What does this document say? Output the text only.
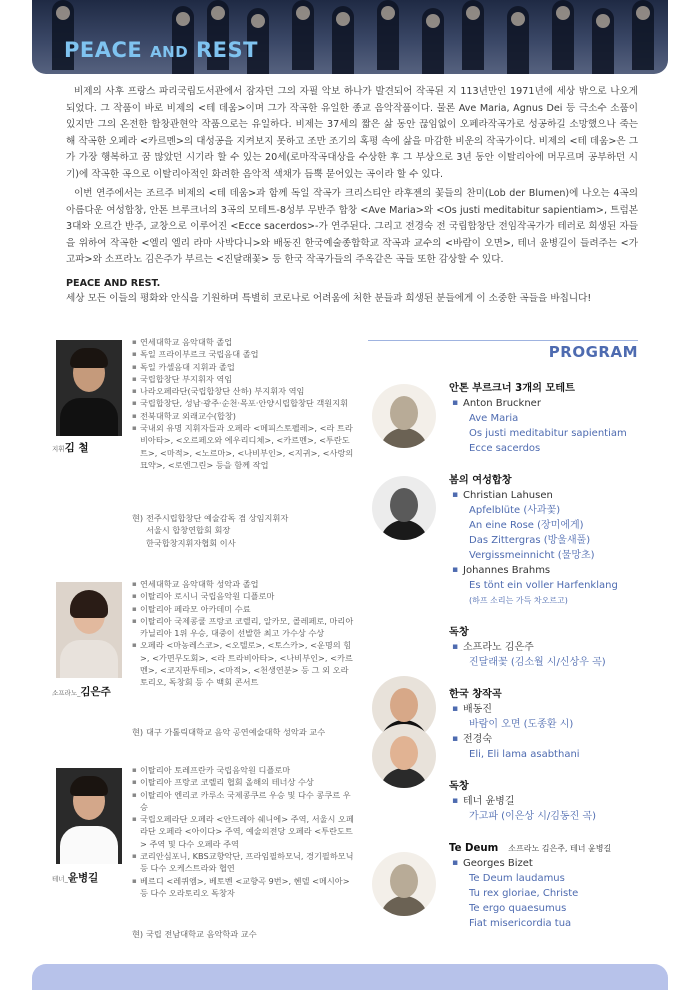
PEACE AND REST

비제의 사후 프랑스 파리국립도서관에서 잠자던 그의 자필 악보 하나가 발견되어 작곡된 지 113년만인 1971년에 세상 밖으로 나오게 되었다. 그 작품이 바로 비제의 <테 데움>이며 그가 작곡한 유일한 종교 음악작품이다. 물론 Ave Maria, Agnus Dei 등 극소수 소품이 있지만 그의 온전한 합창관현악 작품으로는 유일하다. 비제는 37세의 짧은 삶 동안 끊임없이 오페라작곡가로 성공하길 소망했으나 죽는 해 작곡한 오페라 <카르멘>의 대성공을 지켜보지 못하고 조만 조기의 혹평 속에 삶을 마감한 비운의 작곡가이다. 비제의 <테 데움>은 그가 가장 행복하고 꿈 많았던 시기라 할 수 있는 20세(로마작곡대상을 수상한 후 그 부상으로 3년 동안 이탈리아에 머무르며 공부하던 시기)에 작곡한 곡으로 이탈리아적인 화려한 음악적 색채가 듬뿍 묻어있는 곡이라 할 수 있다.

이번 연주에서는 조르주 비제의 <테 데움>과 함께 독일 작곡가 크리스티안 라후젠의 꽃들의 찬미(Lob der Blumen)에 나오는 4곡의 아름다운 여성합창, 안톤 브루크너의 3곡의 모테트-8성부 무반주 합창 <Ave Maria>와 <Os justi meditabitur sapientiam>, 트럼본 3대와 오르간 반주, 교창으로 이루어진 <Ecce sacerdos>-가 연주된다. 그리고 전경숙 전 국립합창단 전임작곡가가 테러로 희생된 자들을 위하여 작곡한 <엘리 엘리 라마 사박다니>와 배동진 한국예술종합학교 작곡과 교수의 <바람이 오면>, 테너 윤병길이 들려주는 <가고파>와 소프라노 김은주가 부르는 <진달래꽃> 등 한국 작곡가들의 주옥같은 곡들 또한 감상할 수 있다.

PEACE AND REST.
세상 모든 이들의 평화와 안식을 기원하며 특별히 코로나로 어려움에 처한 분들과 희생된 분들에게 이 소중한 곡들을 바칩니다!
지휘김 철
▪ 연세대학교 음악대학 졸업
▪ 독일 프라이부르크 국립음대 졸업
▪ 독일 카셀음대 지휘과 졸업
▪ 국립합창단 부지휘자 역임
▪ 나라오페라단(국립합창단 산하) 부지휘자 역임
▪ 국립합창단, 성남·광주·순천·목포·안양시립합창단 객원지휘
▪ 전북대학교 외래교수(합창)
▪ 국내외 유명 지휘자들과 오페라 <메피스토펠레>, <라 트라비아타>, <오르페오와 에우리디체>, <카르멘>, <투란도트>, <마적>, <노르마>, <나비부인>, <지귀>, <사랑의 묘약>, <로엔그린> 등을 함께 작업
현) 전주시립합창단 예술감독 겸 상임지휘자
서울시 합창연합회 회장
한국합창지휘자협회 이사
소프라노_김은주
▪ 연세대학교 음악대학 성악과 졸업
▪ 이탈리아 로시니 국립음악원 디플로마
▪ 이탈리아 페라모 아카데미 수료
▪ 이탈리아 국제콩쿨 프랑코 코렐리, 알카모, 콜레페로, 마리아 카닐리아 1위 우승, 대중이 선발한 최고 가수상 수상
▪ 오페라 <마농레스코>, <오텔로>, <토스카>, <운명의 힘>, <가면무도회>, <라 트라비아타>, <나비부인>, <카르멘>, <코지판투테>, <마적>, <천생연분> 등 그 외 오라토리오, 독창회 등 수 백회 콘서트
현) 대구 가톨릭대학교 음악 공연예술대학 성악과 교수
테너_윤병길
▪ 이탈리아 토레프란카 국립음악원 디플로마
▪ 이탈리아 프랑코 코렐리 협회 올해의 테너상 수상
▪ 이탈리아 엔리코 카루소 국제콩쿠르 우승 및 다수 콩쿠르 우승
▪ 국립오페라단 오페라 <안드레아 쉐니에> 주역, 서울시 오페라단 오페라 <아이다> 주역, 예술의전당 오페라 <투란도트> 주역 및 다수 오페라 주역
▪ 코리안심포니, KBS교향악단, 프라임필하모닉, 경기필하모닉 등 다수 오케스트라와 협연
▪ 베르디 <레퀴엠>, 베토벤 <교향곡 9번>, 헨델 <메시아> 등 다수 오라토리오 독창자
현) 국립 전남대학교 음악학과 교수
PROGRAM
안톤 부르크너 3개의 모테트
▪ Anton Bruckner
Ave Maria
Os justi meditabitur sapientiam
Ecce sacerdos
봄의 여성합창
▪ Christian Lahusen
Apfelblüte (사과꽃)
An eine Rose (장미에게)
Das Zittergras (방울새풀)
Vergissmeinnicht (물망초)
▪ Johannes Brahms
Es tönt ein voller Harfenklang
(하프 소리는 가득 차오르고)
독창
▪ 소프라노 김은주
진달래꽃 (김소월 시/신상우 곡)
한국 창작곡
▪ 배동진
바람이 오면 (도종환 시)
▪ 전경숙
Eli, Eli lama asabthani
독창
▪ 테너 윤병길
가고파 (이은상 시/김동진 곡)
Te Deum 소프라노 김은주, 테너 윤병길
▪ Georges Bizet
Te Deum laudamus
Tu rex gloriae, Christe
Te ergo quaesumus
Fiat misericordia tua
